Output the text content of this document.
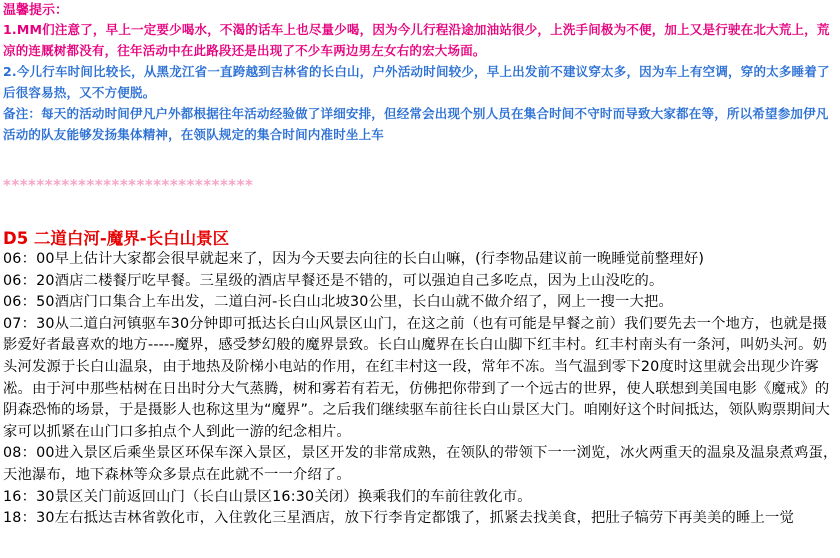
温馨提示：

1.MM们注意了，早上一定要少喝水，不渴的话车上也尽量少喝，因为今儿行程沿途加油站很少，上洗手间极为不便，加上又是行驶在北大荒上，荒凉的连厩树都没有，往年活动中在此路段还是出现了不少车两边男左女右的宏大场面。

2.今儿行车时间比较长，从黑龙江省一直跨越到吉林省的长白山，户外活动时间较少，早上出发前不建议穿太多，因为车上有空调，穿的太多睡着了后很容易热，又不方便脱。

备注：每天的活动时间伊凡户外都根据往年活动经验做了详细安排，但经常会出现个别人员在集合时间不守时而导致大家都在等，所以希望参加伊凡活动的队友能够发扬集体精神，在领队规定的集合时间内准时坐上车

******************************
D5 二道白河-魔界-长白山景区

06：00早上估计大家都会很早就起来了，因为今天要去向往的长白山嘛，(行李物品建议前一晚睡觉前整理好)

06：20酒店二楼餐厅吃早餐。三星级的酒店早餐还是不错的，可以强迫自己多吃点，因为上山没吃的。

06：50酒店门口集合上车出发，二道白河-长白山北坡30公里，长白山就不做介绍了，网上一搜一大把。

07：30从二道白河镇驱车30分钟即可抵达长白山风景区山门，在这之前（也有可能是早餐之前）我们要先去一个地方，也就是摄影爱好者最喜欢的地方-----魔界，感受梦幻般的魔界景致。长白山魔界在长白山脚下红丰村。红丰村南头有一条河，叫奶头河。奶头河发源于长白山温泉，由于地热及阶梯小电站的作用，在红丰村这一段，常年不冻。当气温到零下20度时这里就会出现少许雾凇。由于河中那些枯树在日出时分大气蒸腾，树和雾若有若无，仿佛把你带到了一个远古的世界，使人联想到美国电影《魔戒》的阴森恐怖的场景，于是摄影人也称这里为“魔界”。之后我们继续驱车前往长白山景区大门。咱刚好这个时间抵达，领队购票期间大家可以抓紧在山门口多拍点个人到此一游的纪念相片。

08：00进入景区后乘坐景区环保车深入景区，景区开发的非常成熟，在领队的带领下一一浏览，冰火两重天的温泉及温泉煮鸡蛋，天池瀑布，地下森林等众多景点在此就不一一介绍了。

16：30景区关门前返回山门（长白山景区16:30关闭）换乘我们的车前往敦化市。

18：30左右抵达吉林省敦化市，入住敦化三星酒店，放下行李肯定都饿了，抓紧去找美食，把肚子犒劳下再美美的睡上一觉
